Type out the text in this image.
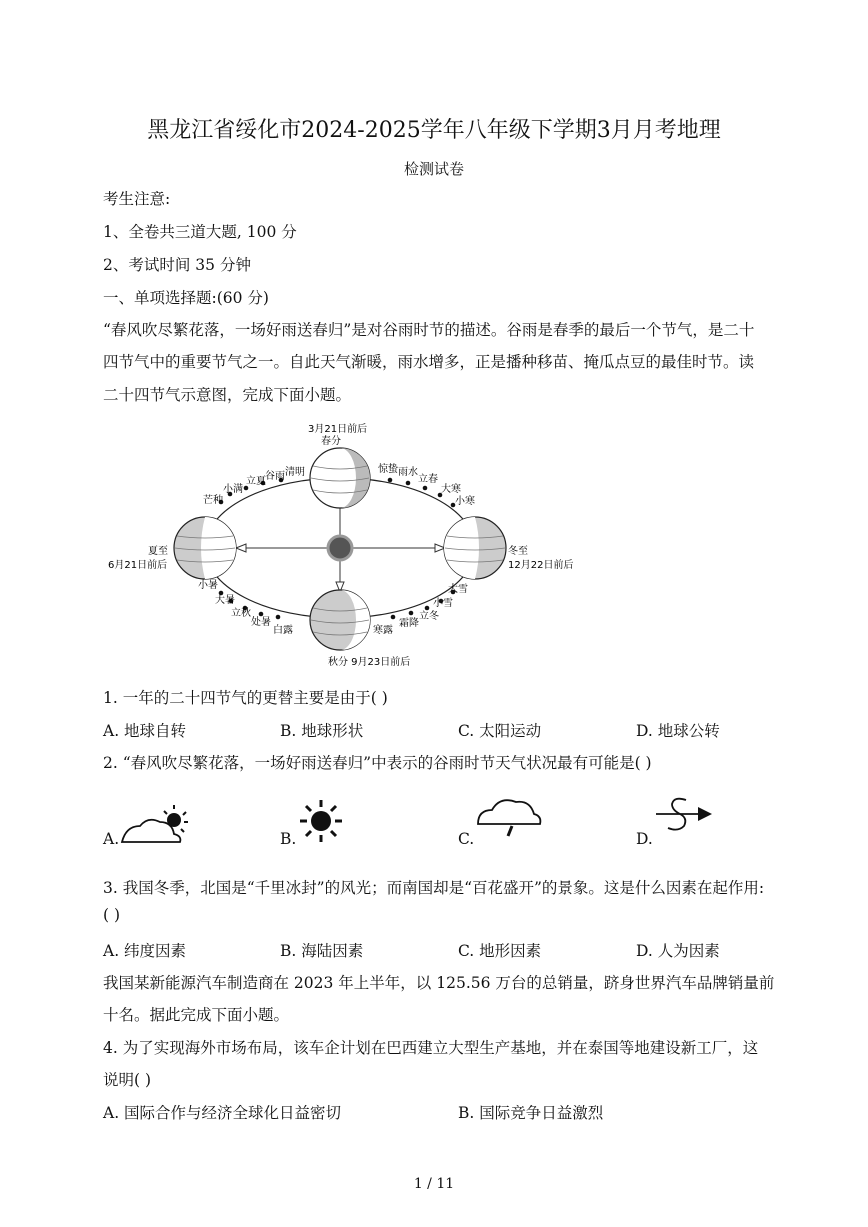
黑龙江省绥化市2024-2025学年八年级下学期3月月考地理
检测试卷
考生注意:
1、全卷共三道大题, 100 分
2、考试时间 35 分钟
一、单项选择题:(60 分)
“春风吹尽繁花落，一场好雨送春归”是对谷雨时节的描述。谷雨是春季的最后一个节气，是二十
四节气中的重要节气之一。自此天气渐暖，雨水增多，正是播种移苗、掩瓜点豆的最佳时节。读
二十四节气示意图，完成下面小题。
3月21日前后
春分
夏至
6月21日前后
冬至
12月22日前后
秋分 9月23日前后
清明
谷雨
立夏
小满
芒种
惊蛰 雨水
立春
大寒
小寒
小暑
大暑
立秋
处暑
白露	寒露
霜降
立冬
小雪
大雪
1. 一年的二十四节气的更替主要是由于( )
A. 地球自转	B. 地球形状	C. 太阳运动	D. 地球公转
2. “春风吹尽繁花落，一场好雨送春归”中表示的谷雨时节天气状况最有可能是( )
A.	B.	C.	D.
3. 我国冬季，北国是“千里冰封”的风光；而南国却是“百花盛开”的景象。这是什么因素在起作用:
( )
A. 纬度因素	B. 海陆因素	C. 地形因素	D. 人为因素
我国某新能源汽车制造商在 2023 年上半年，以 125.56 万台的总销量，跻身世界汽车品牌销量前
十名。据此完成下面小题。
4. 为了实现海外市场布局，该车企计划在巴西建立大型生产基地，并在泰国等地建设新工厂，这
说明( )
A. 国际合作与经济全球化日益密切	B. 国际竞争日益激烈
1 / 11
